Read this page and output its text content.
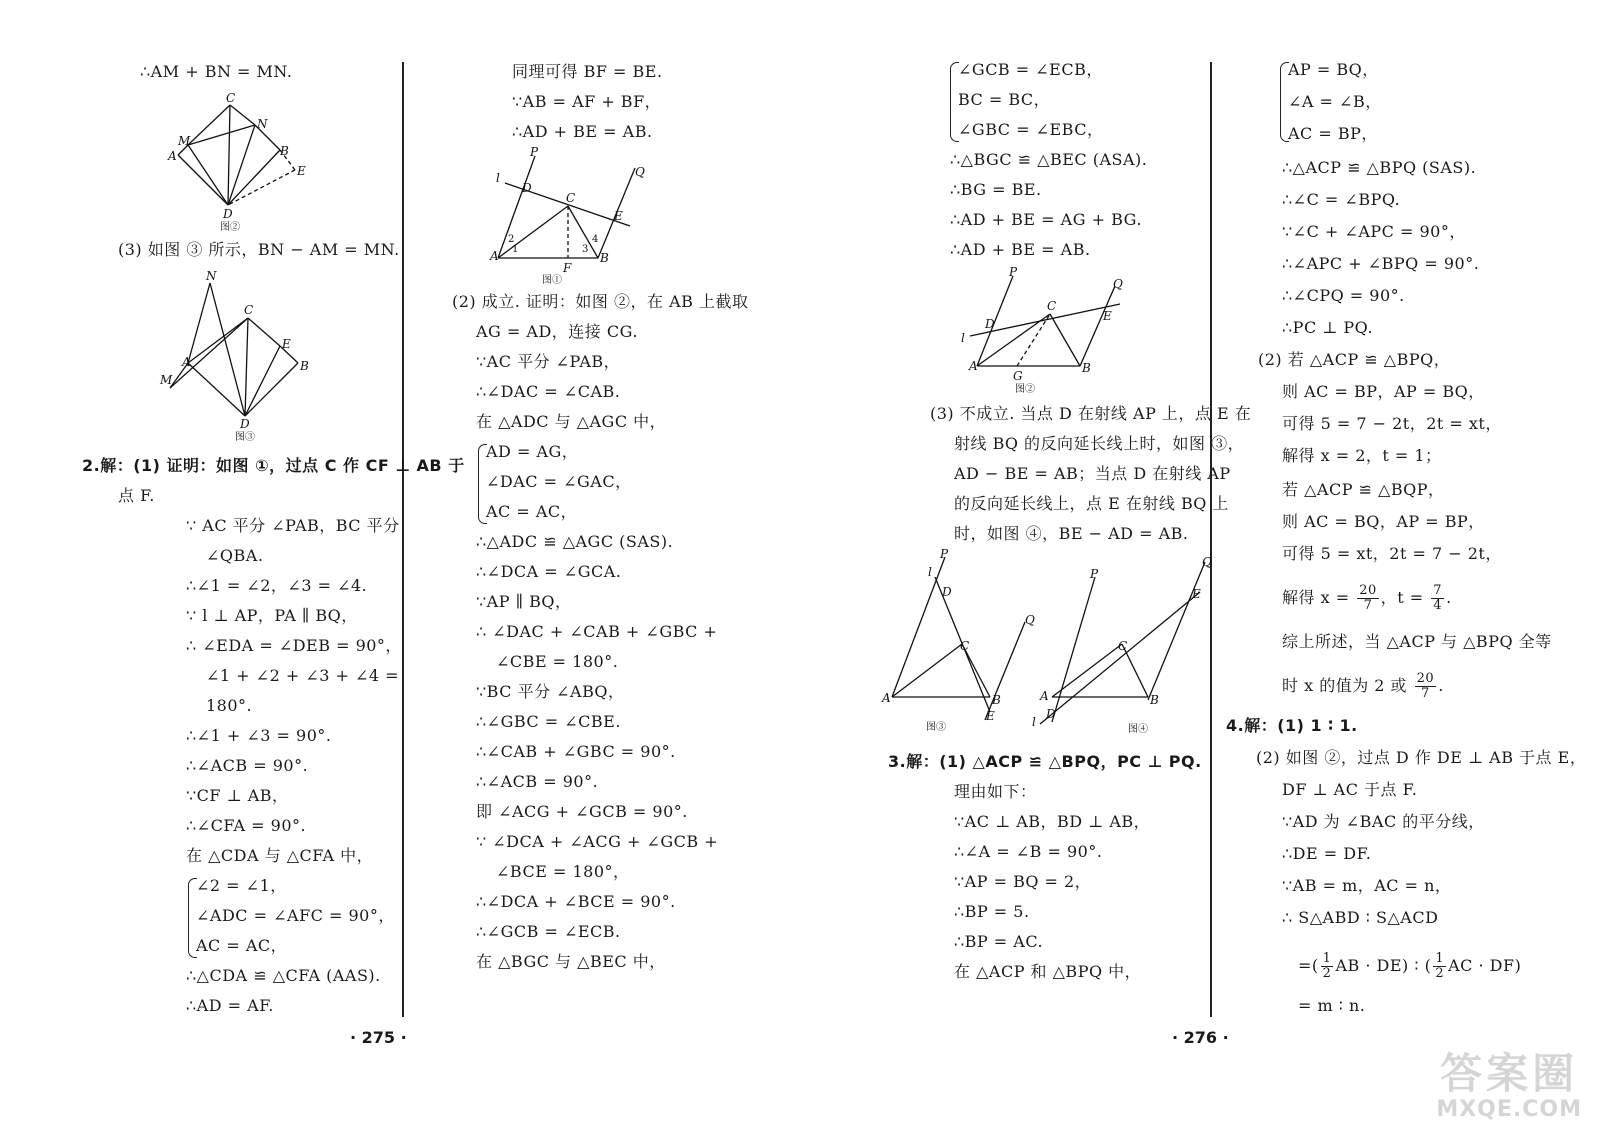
∴AM + BN = MN.
C
M
N
A	B
E
D
图②
(3) 如图 ③ 所示，BN − AM = MN.
N
C
E
A
M
B
D
图③
2.解：(1) 证明：如图 ①，过点 C 作 CF ⊥ AB 于
点 F.
∵ AC 平分 ∠PAB，BC 平分
∠QBA.
∴∠1 = ∠2，∠3 = ∠4.
∵ l ⊥ AP，PA ∥ BQ，
∴ ∠EDA = ∠DEB = 90°，
∠1 + ∠2 + ∠3 + ∠4 =
180°.
∴∠1 + ∠3 = 90°.
∴∠ACB = 90°.
∵CF ⊥ AB，
∴∠CFA = 90°.
在 △CDA 与 △CFA 中，
∠2 = ∠1，
∠ADC = ∠AFC = 90°，
AC = AC，
∴△CDA ≌ △CFA (AAS).
∴AD = AF.
同理可得 BF = BE.
∵AB = AF + BF，
∴AD + BE = AB.
P
l
D
C
Q
E
A
F
B
1
2
3
4
图①
(2) 成立. 证明：如图 ②，在 AB 上截取
AG = AD，连接 CG.
∵AC 平分 ∠PAB，
∴∠DAC = ∠CAB.
在 △ADC 与 △AGC 中，
AD = AG，
∠DAC = ∠GAC，
AC = AC，
∴△ADC ≌ △AGC (SAS).
∴∠DCA = ∠GCA.
∵AP ∥ BQ，
∴ ∠DAC + ∠CAB + ∠GBC +
∠CBE = 180°.
∵BC 平分 ∠ABQ，
∴∠GBC = ∠CBE.
∴∠CAB + ∠GBC = 90°.
∴∠ACB = 90°.
即 ∠ACG + ∠GCB = 90°.
∵ ∠DCA + ∠ACG + ∠GCB +
∠BCE = 180°，
∴∠DCA + ∠BCE = 90°.
∴∠GCB = ∠ECB.
在 △BGC 与 △BEC 中，
∠GCB = ∠ECB，
BC = BC，
∠GBC = ∠EBC，
∴△BGC ≌ △BEC (ASA).
∴BG = BE.
∴AD + BE = AG + BG.
∴AD + BE = AB.
P
Q
D
C
E
l
A
G
B
图②
(3) 不成立. 当点 D 在射线 AP 上，点 E 在
射线 BQ 的反向延长线上时，如图 ③，
AD − BE = AB；当点 D 在射线 AP
的反向延长线上，点 E 在射线 BQ 上
时，如图 ④，BE − AD = AB.
P
l
D
Q
C
A	B
E
图③
P
Q
E
C
A	B
l
D
图④
3.解：(1) △ACP ≌ △BPQ，PC ⊥ PQ.
理由如下：
∵AC ⊥ AB，BD ⊥ AB，
∴∠A = ∠B = 90°.
∵AP = BQ = 2，
∴BP = 5.
∴BP = AC.
在 △ACP 和 △BPQ 中，
AP = BQ，
∠A = ∠B，
AC = BP，
∴△ACP ≌ △BPQ (SAS).
∴∠C = ∠BPQ.
∵∠C + ∠APC = 90°，
∴∠APC + ∠BPQ = 90°.
∴∠CPQ = 90°.
∴PC ⊥ PQ.
(2) 若 △ACP ≌ △BPQ，
则 AC = BP，AP = BQ，
可得 5 = 7 − 2t，2t = xt，
解得 x = 2，t = 1；
若 △ACP ≌ △BQP，
则 AC = BQ，AP = BP，
可得 5 = xt，2t = 7 − 2t，
解得 $x = \frac{20}{7}$ ，$t = \frac{7}{4}$ .
综上所述，当 △ACP 与 △BPQ 全等
时 x 的值为 2 或 $\frac{20}{7}$ .
4.解：(1) 1 ∶ 1.
(2) 如图 ②，过点 D 作 DE ⊥ AB 于点 E，
DF ⊥ AC 于点 F.
∵AD 为 ∠BAC 的平分线，
∴DE = DF.
∵AB = m，AC = n，
∴ S△ABD ∶ S△ACD
=( $\frac{1}{2}$ AB · DE) ∶ ( $\frac{1}{2}$ AC · DF)
= m ∶ n.
· 275 ·	· 276 ·
答案圈
MXQE.COM
